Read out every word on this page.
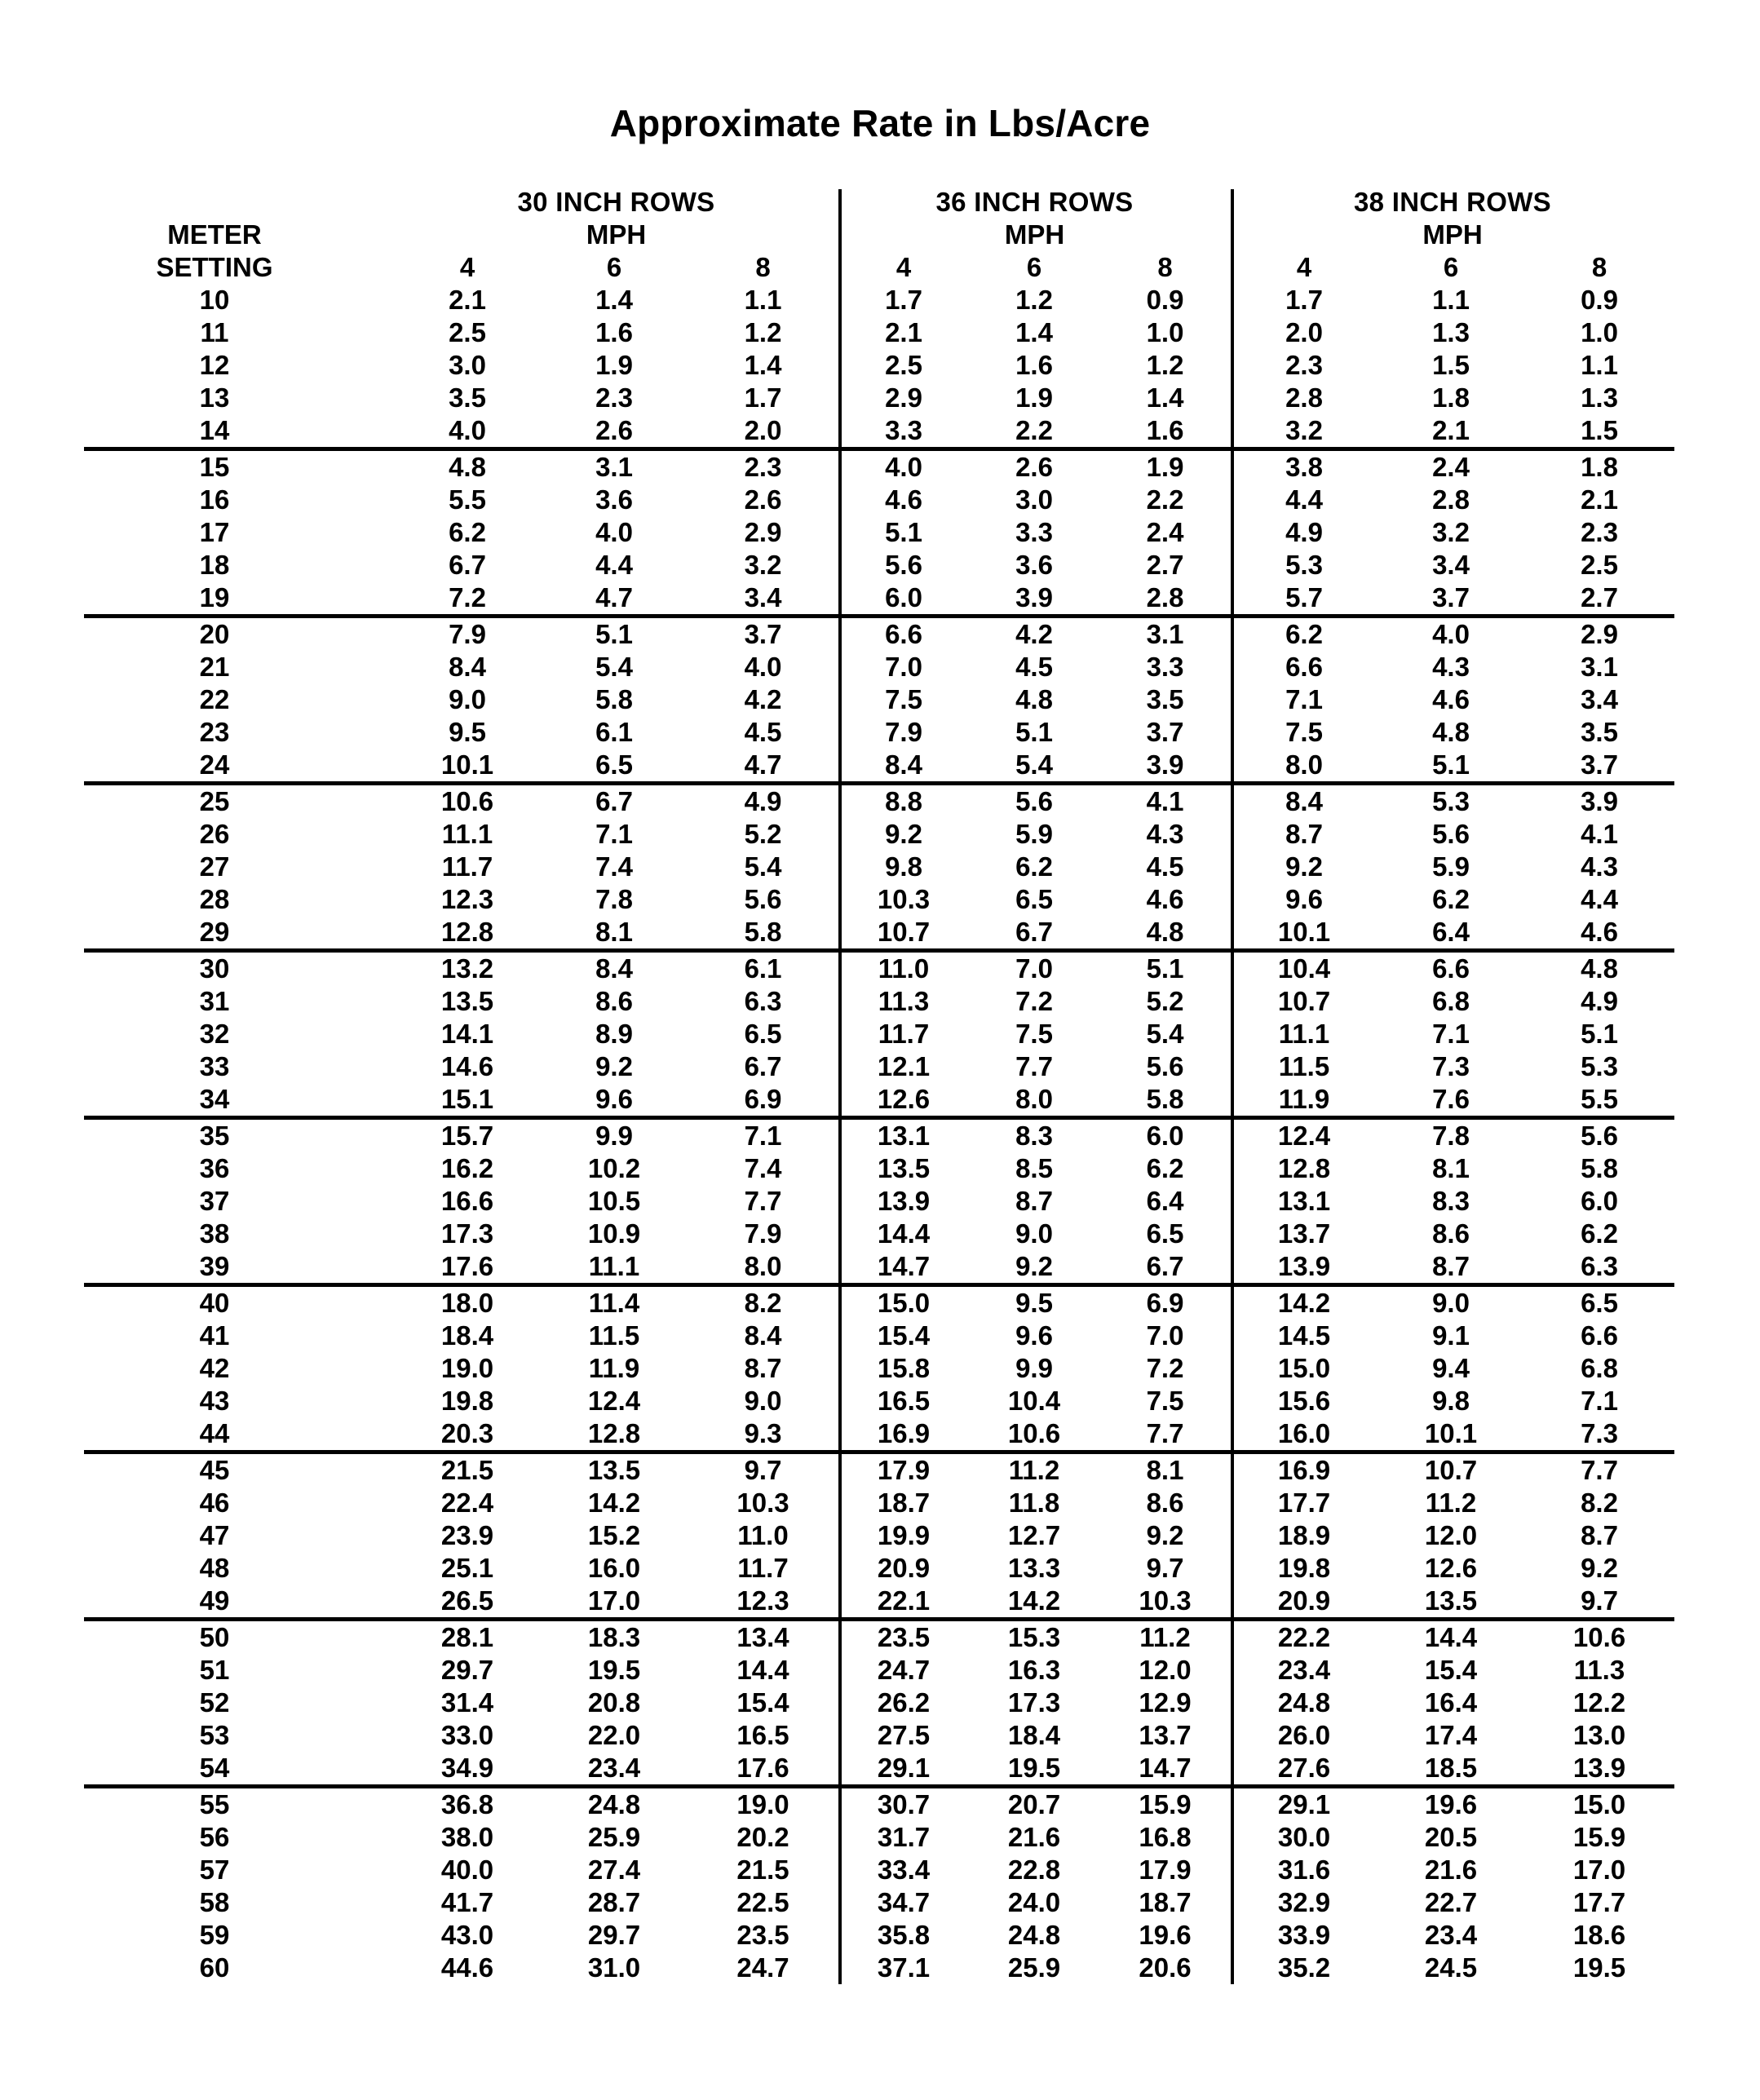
Approximate Rate in Lbs/Acre
		30 INCH ROWS			36 INCH ROWS			38 INCH ROWS		
METER		MPH			MPH			MPH		
SETTING		4	6	8	4	6	8	4	6	8
10		2.1	1.4	1.1	1.7	1.2	0.9	1.7	1.1	0.9
11		2.5	1.6	1.2	2.1	1.4	1.0	2.0	1.3	1.0
12		3.0	1.9	1.4	2.5	1.6	1.2	2.3	1.5	1.1
13		3.5	2.3	1.7	2.9	1.9	1.4	2.8	1.8	1.3
14		4.0	2.6	2.0	3.3	2.2	1.6	3.2	2.1	1.5
15		4.8	3.1	2.3	4.0	2.6	1.9	3.8	2.4	1.8
16		5.5	3.6	2.6	4.6	3.0	2.2	4.4	2.8	2.1
17		6.2	4.0	2.9	5.1	3.3	2.4	4.9	3.2	2.3
18		6.7	4.4	3.2	5.6	3.6	2.7	5.3	3.4	2.5
19		7.2	4.7	3.4	6.0	3.9	2.8	5.7	3.7	2.7
20		7.9	5.1	3.7	6.6	4.2	3.1	6.2	4.0	2.9
21		8.4	5.4	4.0	7.0	4.5	3.3	6.6	4.3	3.1
22		9.0	5.8	4.2	7.5	4.8	3.5	7.1	4.6	3.4
23		9.5	6.1	4.5	7.9	5.1	3.7	7.5	4.8	3.5
24		10.1	6.5	4.7	8.4	5.4	3.9	8.0	5.1	3.7
25		10.6	6.7	4.9	8.8	5.6	4.1	8.4	5.3	3.9
26		11.1	7.1	5.2	9.2	5.9	4.3	8.7	5.6	4.1
27		11.7	7.4	5.4	9.8	6.2	4.5	9.2	5.9	4.3
28		12.3	7.8	5.6	10.3	6.5	4.6	9.6	6.2	4.4
29		12.8	8.1	5.8	10.7	6.7	4.8	10.1	6.4	4.6
30		13.2	8.4	6.1	11.0	7.0	5.1	10.4	6.6	4.8
31		13.5	8.6	6.3	11.3	7.2	5.2	10.7	6.8	4.9
32		14.1	8.9	6.5	11.7	7.5	5.4	11.1	7.1	5.1
33		14.6	9.2	6.7	12.1	7.7	5.6	11.5	7.3	5.3
34		15.1	9.6	6.9	12.6	8.0	5.8	11.9	7.6	5.5
35		15.7	9.9	7.1	13.1	8.3	6.0	12.4	7.8	5.6
36		16.2	10.2	7.4	13.5	8.5	6.2	12.8	8.1	5.8
37		16.6	10.5	7.7	13.9	8.7	6.4	13.1	8.3	6.0
38		17.3	10.9	7.9	14.4	9.0	6.5	13.7	8.6	6.2
39		17.6	11.1	8.0	14.7	9.2	6.7	13.9	8.7	6.3
40		18.0	11.4	8.2	15.0	9.5	6.9	14.2	9.0	6.5
41		18.4	11.5	8.4	15.4	9.6	7.0	14.5	9.1	6.6
42		19.0	11.9	8.7	15.8	9.9	7.2	15.0	9.4	6.8
43		19.8	12.4	9.0	16.5	10.4	7.5	15.6	9.8	7.1
44		20.3	12.8	9.3	16.9	10.6	7.7	16.0	10.1	7.3
45		21.5	13.5	9.7	17.9	11.2	8.1	16.9	10.7	7.7
46		22.4	14.2	10.3	18.7	11.8	8.6	17.7	11.2	8.2
47		23.9	15.2	11.0	19.9	12.7	9.2	18.9	12.0	8.7
48		25.1	16.0	11.7	20.9	13.3	9.7	19.8	12.6	9.2
49		26.5	17.0	12.3	22.1	14.2	10.3	20.9	13.5	9.7
50		28.1	18.3	13.4	23.5	15.3	11.2	22.2	14.4	10.6
51		29.7	19.5	14.4	24.7	16.3	12.0	23.4	15.4	11.3
52		31.4	20.8	15.4	26.2	17.3	12.9	24.8	16.4	12.2
53		33.0	22.0	16.5	27.5	18.4	13.7	26.0	17.4	13.0
54		34.9	23.4	17.6	29.1	19.5	14.7	27.6	18.5	13.9
55		36.8	24.8	19.0	30.7	20.7	15.9	29.1	19.6	15.0
56		38.0	25.9	20.2	31.7	21.6	16.8	30.0	20.5	15.9
57		40.0	27.4	21.5	33.4	22.8	17.9	31.6	21.6	17.0
58		41.7	28.7	22.5	34.7	24.0	18.7	32.9	22.7	17.7
59		43.0	29.7	23.5	35.8	24.8	19.6	33.9	23.4	18.6
60		44.6	31.0	24.7	37.1	25.9	20.6	35.2	24.5	19.5
